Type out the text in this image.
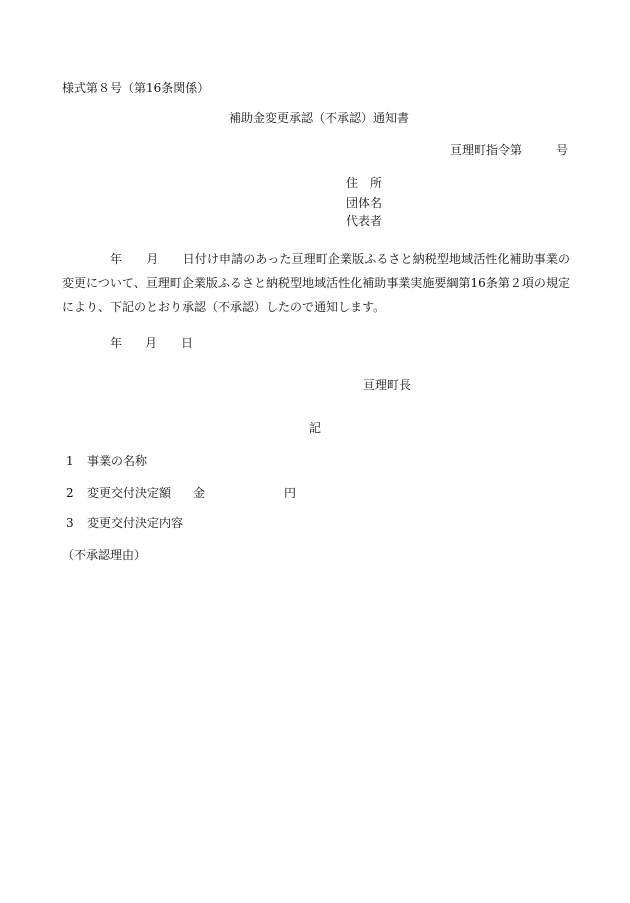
様式第８号（第16条関係）
補助金変更承認（不承認）通知書
亘理町指令第	号
住　所
団体名
代表者
年　　月　　日付け申請のあった亘理町企業版ふるさと納税型地域活性化補助事業の変更について、亘理町企業版ふるさと納税型地域活性化補助事業実施要綱第16条第２項の規定により、下記のとおり承認（不承認）したので通知します。
年 月 日
亘理町長
記
1 事業の名称
2 変更交付決定額 金	円
3 変更交付決定内容
（不承認理由）
